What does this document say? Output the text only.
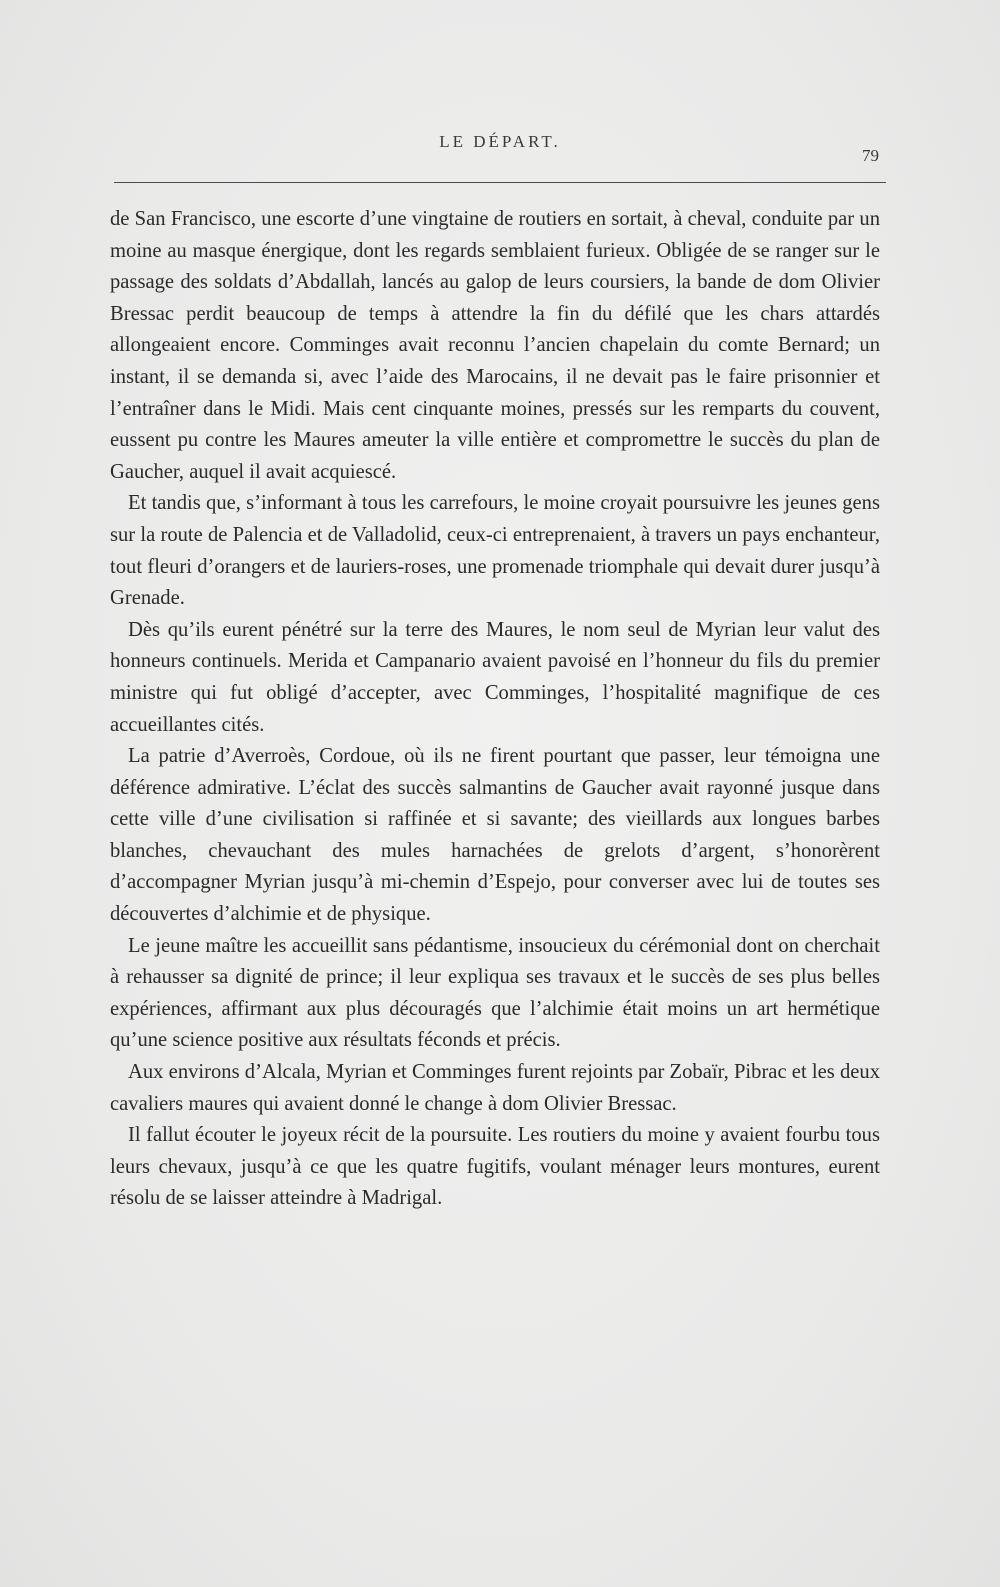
LE DÉPART.
79

de San Francisco, une escorte d’une vingtaine de routiers en sortait, à cheval, conduite par un moine au masque énergique, dont les regards semblaient furieux. Obligée de se ranger sur le passage des soldats d’Abdallah, lancés au galop de leurs coursiers, la bande de dom Olivier Bressac perdit beaucoup de temps à attendre la fin du défilé que les chars attardés allongeaient encore. Comminges avait reconnu l’ancien chapelain du comte Bernard; un instant, il se demanda si, avec l’aide des Marocains, il ne devait pas le faire prisonnier et l’entraîner dans le Midi. Mais cent cinquante moines, pressés sur les remparts du couvent, eussent pu contre les Maures ameuter la ville entière et compromettre le succès du plan de Gaucher, auquel il avait acquiescé.

Et tandis que, s’informant à tous les carrefours, le moine croyait poursuivre les jeunes gens sur la route de Palencia et de Valladolid, ceux-ci entreprenaient, à travers un pays enchanteur, tout fleuri d’orangers et de lauriers-roses, une promenade triomphale qui devait durer jusqu’à Grenade.

Dès qu’ils eurent pénétré sur la terre des Maures, le nom seul de Myrian leur valut des honneurs continuels. Merida et Campanario avaient pavoisé en l’honneur du fils du premier ministre qui fut obligé d’accepter, avec Comminges, l’hospitalité magnifique de ces accueillantes cités.

La patrie d’Averroès, Cordoue, où ils ne firent pourtant que passer, leur témoigna une déférence admirative. L’éclat des succès salmantins de Gaucher avait rayonné jusque dans cette ville d’une civilisation si raffinée et si savante; des vieillards aux longues barbes blanches, chevauchant des mules harnachées de grelots d’argent, s’honorèrent d’accompagner Myrian jusqu’à mi-chemin d’Espejo, pour converser avec lui de toutes ses découvertes d’alchimie et de physique.

Le jeune maître les accueillit sans pédantisme, insoucieux du cérémonial dont on cherchait à rehausser sa dignité de prince; il leur expliqua ses travaux et le succès de ses plus belles expériences, affirmant aux plus découragés que l’alchimie était moins un art hermétique qu’une science positive aux résultats féconds et précis.

Aux environs d’Alcala, Myrian et Comminges furent rejoints par Zobaïr, Pibrac et les deux cavaliers maures qui avaient donné le change à dom Olivier Bressac.

Il fallut écouter le joyeux récit de la poursuite. Les routiers du moine y avaient fourbu tous leurs chevaux, jusqu’à ce que les quatre fugitifs, voulant ménager leurs montures, eurent résolu de se laisser atteindre à Madrigal.
